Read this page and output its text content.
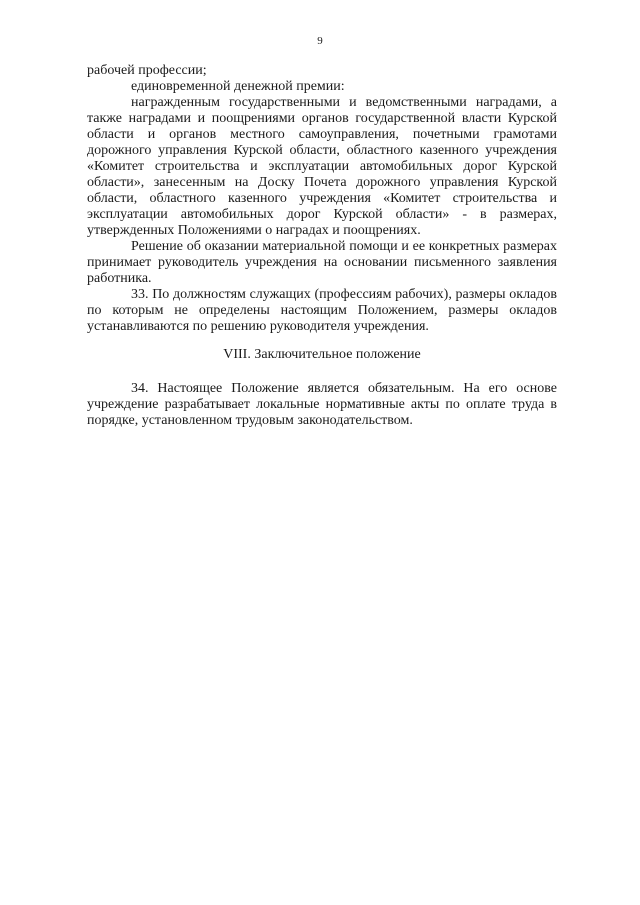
9

рабочей профессии;

единовременной денежной премии:

награжденным государственными и ведомственными наградами, а также наградами и поощрениями органов государственной власти Курской области и органов местного самоуправления, почетными грамотами дорожного управления Курской области, областного казенного учреждения «Комитет строительства и эксплуатации автомобильных дорог Курской области», занесенным на Доску Почета дорожного управления Курской области, областного казенного учреждения «Комитет строительства и эксплуатации автомобильных дорог Курской области» - в размерах, утвержденных Положениями о наградах и поощрениях.

Решение об оказании материальной помощи и ее конкретных размерах принимает руководитель учреждения на основании письменного заявления работника.

33. По должностям служащих (профессиям рабочих), размеры окладов по которым не определены настоящим Положением, размеры окладов устанавливаются по решению руководителя учреждения.

VIII. Заключительное положение

34. Настоящее Положение является обязательным. На его основе учреждение разрабатывает локальные нормативные акты по оплате труда в порядке, установленном трудовым законодательством.
